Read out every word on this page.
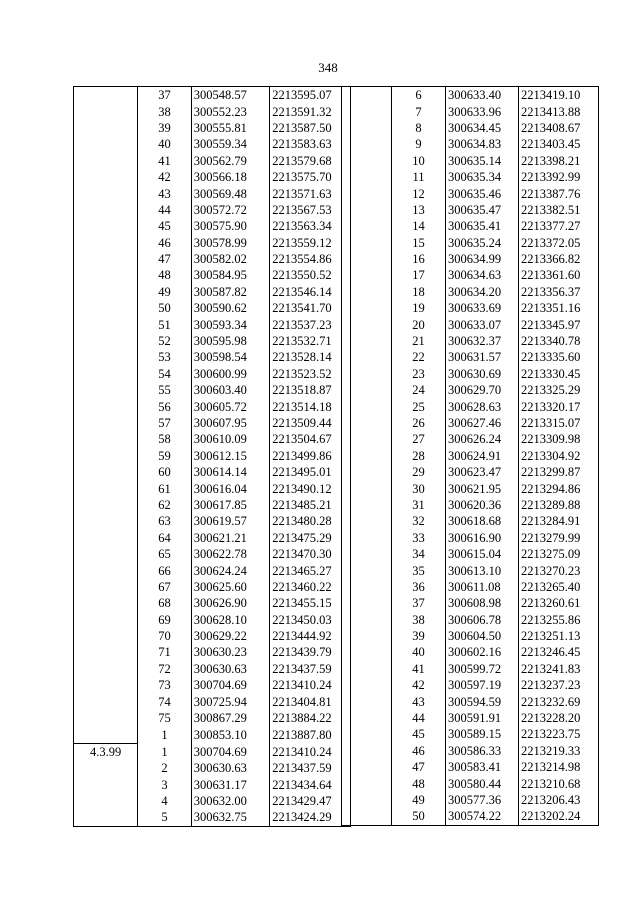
348
	37	300548.57	2213595.07
	38	300552.23	2213591.32
	39	300555.81	2213587.50
	40	300559.34	2213583.63
	41	300562.79	2213579.68
	42	300566.18	2213575.70
	43	300569.48	2213571.63
	44	300572.72	2213567.53
	45	300575.90	2213563.34
	46	300578.99	2213559.12
	47	300582.02	2213554.86
	48	300584.95	2213550.52
	49	300587.82	2213546.14
	50	300590.62	2213541.70
	51	300593.34	2213537.23
	52	300595.98	2213532.71
	53	300598.54	2213528.14
	54	300600.99	2213523.52
	55	300603.40	2213518.87
	56	300605.72	2213514.18
	57	300607.95	2213509.44
	58	300610.09	2213504.67
	59	300612.15	2213499.86
	60	300614.14	2213495.01
	61	300616.04	2213490.12
	62	300617.85	2213485.21
	63	300619.57	2213480.28
	64	300621.21	2213475.29
	65	300622.78	2213470.30
	66	300624.24	2213465.27
	67	300625.60	2213460.22
	68	300626.90	2213455.15
	69	300628.10	2213450.03
	70	300629.22	2213444.92
	71	300630.23	2213439.79
	72	300630.63	2213437.59
	73	300704.69	2213410.24
	74	300725.94	2213404.81
	75	300867.29	2213884.22
	1	300853.10	2213887.80
4.3.99	1	300704.69	2213410.24
	2	300630.63	2213437.59
	3	300631.17	2213434.64
	4	300632.00	2213429.47
	5	300632.75	2213424.29
	6	300633.40	2213419.10
	7	300633.96	2213413.88
	8	300634.45	2213408.67
	9	300634.83	2213403.45
	10	300635.14	2213398.21
	11	300635.34	2213392.99
	12	300635.46	2213387.76
	13	300635.47	2213382.51
	14	300635.41	2213377.27
	15	300635.24	2213372.05
	16	300634.99	2213366.82
	17	300634.63	2213361.60
	18	300634.20	2213356.37
	19	300633.69	2213351.16
	20	300633.07	2213345.97
	21	300632.37	2213340.78
	22	300631.57	2213335.60
	23	300630.69	2213330.45
	24	300629.70	2213325.29
	25	300628.63	2213320.17
	26	300627.46	2213315.07
	27	300626.24	2213309.98
	28	300624.91	2213304.92
	29	300623.47	2213299.87
	30	300621.95	2213294.86
	31	300620.36	2213289.88
	32	300618.68	2213284.91
	33	300616.90	2213279.99
	34	300615.04	2213275.09
	35	300613.10	2213270.23
	36	300611.08	2213265.40
	37	300608.98	2213260.61
	38	300606.78	2213255.86
	39	300604.50	2213251.13
	40	300602.16	2213246.45
	41	300599.72	2213241.83
	42	300597.19	2213237.23
	43	300594.59	2213232.69
	44	300591.91	2213228.20
	45	300589.15	2213223.75
	46	300586.33	2213219.33
	47	300583.41	2213214.98
	48	300580.44	2213210.68
	49	300577.36	2213206.43
	50	300574.22	2213202.24
